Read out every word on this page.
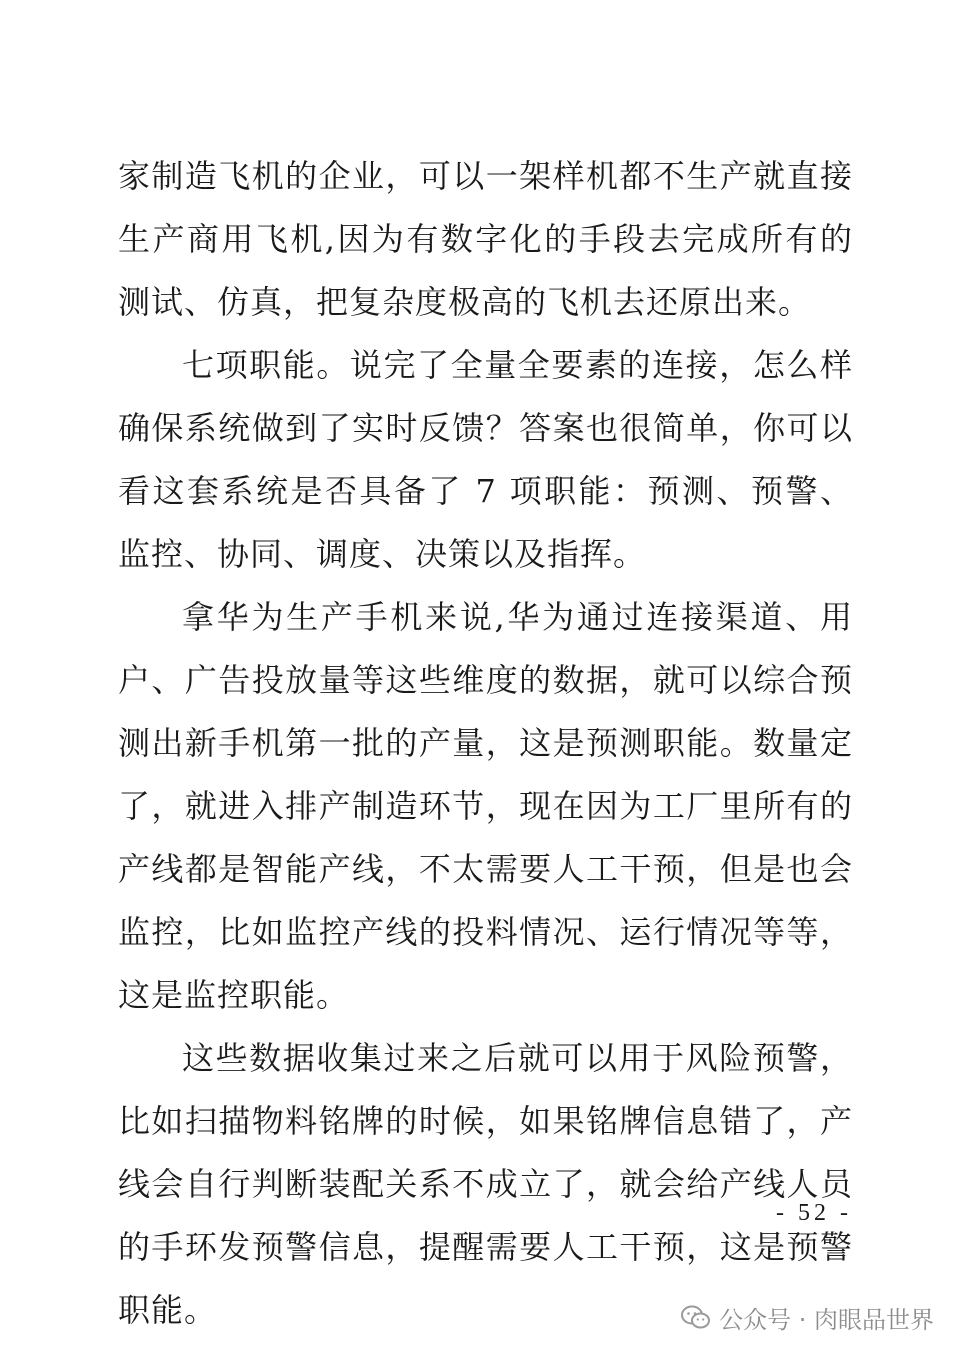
家制造飞机的企业，可以一架样机都不生产就直接生产商用飞机,因为有数字化的手段去完成所有的测试、仿真，把复杂度极高的飞机去还原出来。

七项职能。说完了全量全要素的连接，怎么样确保系统做到了实时反馈？答案也很简单，你可以看这套系统是否具备了 7 项职能：预测、预警、监控、协同、调度、决策以及指挥。

拿华为生产手机来说,华为通过连接渠道、用户、广告投放量等这些维度的数据，就可以综合预测出新手机第一批的产量，这是预测职能。数量定了，就进入排产制造环节，现在因为工厂里所有的产线都是智能产线，不太需要人工干预，但是也会监控，比如监控产线的投料情况、运行情况等等，这是监控职能。

这些数据收集过来之后就可以用于风险预警，比如扫描物料铭牌的时候，如果铭牌信息错了，产线会自行判断装配关系不成立了，就会给产线人员的手环发预警信息，提醒需要人工干预，这是预警职能。

- 52 -
公众号 · 肉眼品世界
